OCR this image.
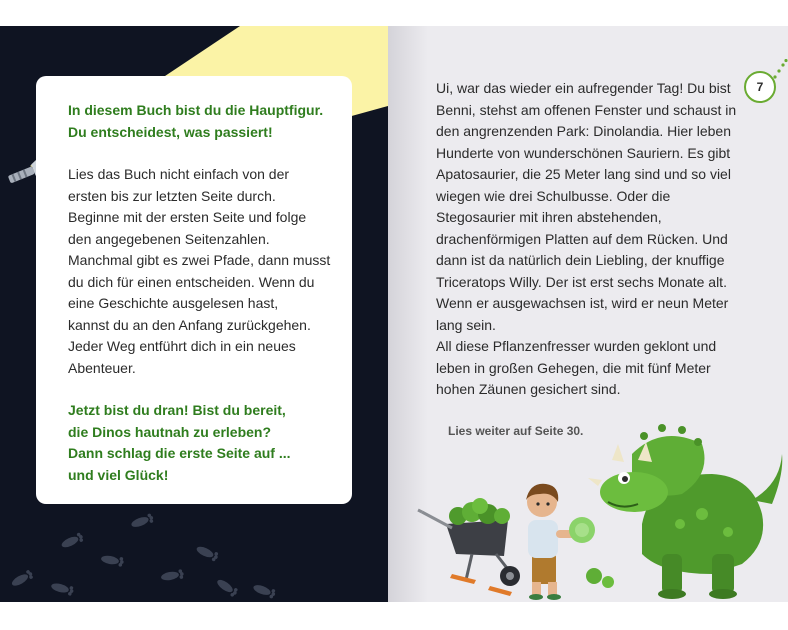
In diesem Buch bist du die Hauptfigur.
Du entscheidest, was passiert!

Lies das Buch nicht einfach von der
ersten bis zur letzten Seite durch.
Beginne mit der ersten Seite und folge
den angegebenen Seitenzahlen.
Manchmal gibt es zwei Pfade, dann musst
du dich für einen entscheiden. Wenn du
eine Geschichte ausgelesen hast,
kannst du an den Anfang zurückgehen.
Jeder Weg entführt dich in ein neues
Abenteuer.

Jetzt bist du dran! Bist du bereit,
die Dinos hautnah zu erleben?
Dann schlag die erste Seite auf ...
und viel Glück!

7
Ui, war das wieder ein aufregender Tag! Du bist
Benni, stehst am offenen Fenster und schaust in
den angrenzenden Park: Dinolandia. Hier leben
Hunderte von wunderschönen Sauriern. Es gibt
Apatosaurier, die 25 Meter lang sind und so viel
wiegen wie drei Schulbusse. Oder die
Stegosaurier mit ihren abstehenden,
drachenförmigen Platten auf dem Rücken. Und
dann ist da natürlich dein Liebling, der knuffige
Triceratops Willy. Der ist erst sechs Monate alt.
Wenn er ausgewachsen ist, wird er neun Meter
lang sein.
All diese Pflanzenfresser wurden geklont und
leben in großen Gehegen, die mit fünf Meter
hohen Zäunen gesichert sind.
Lies weiter auf Seite 30.
